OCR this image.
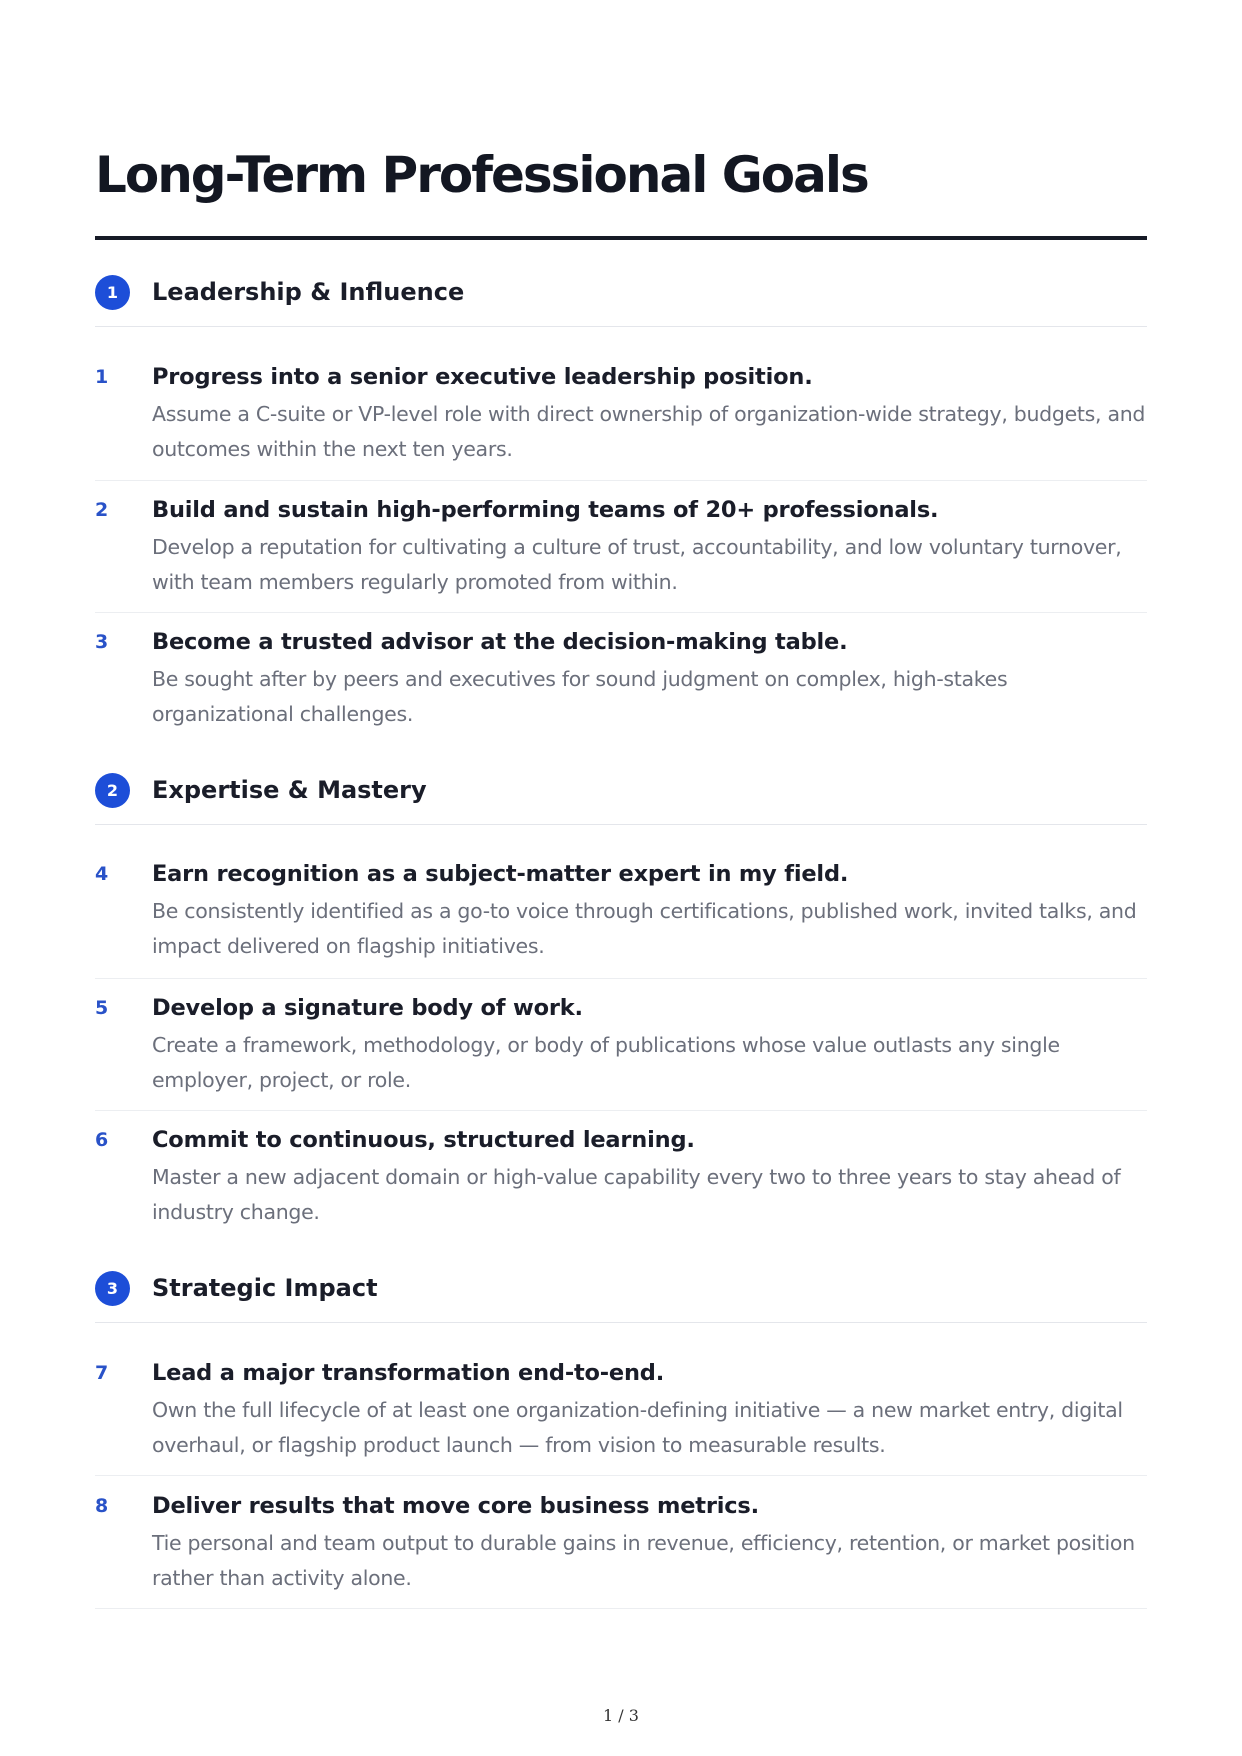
Long-Term Professional Goals
1	Leadership & Influence
1 Progress into a senior executive leadership position.
Assume a C-suite or VP-level role with direct ownership of organization-wide strategy, budgets, and outcomes within the next ten years.
2 Build and sustain high-performing teams of 20+ professionals.
Develop a reputation for cultivating a culture of trust, accountability, and low voluntary turnover, with team members regularly promoted from within.
3 Become a trusted advisor at the decision-making table.
Be sought after by peers and executives for sound judgment on complex, high-stakes organizational challenges.
2	Expertise & Mastery
4 Earn recognition as a subject-matter expert in my field.
Be consistently identified as a go-to voice through certifications, published work, invited talks, and impact delivered on flagship initiatives.
5 Develop a signature body of work.
Create a framework, methodology, or body of publications whose value outlasts any single employer, project, or role.
6 Commit to continuous, structured learning.
Master a new adjacent domain or high-value capability every two to three years to stay ahead of industry change.
3	Strategic Impact
7 Lead a major transformation end-to-end.
Own the full lifecycle of at least one organization-defining initiative — a new market entry, digital overhaul, or flagship product launch — from vision to measurable results.
8 Deliver results that move core business metrics.
Tie personal and team output to durable gains in revenue, efficiency, retention, or market position rather than activity alone.
1 / 3
